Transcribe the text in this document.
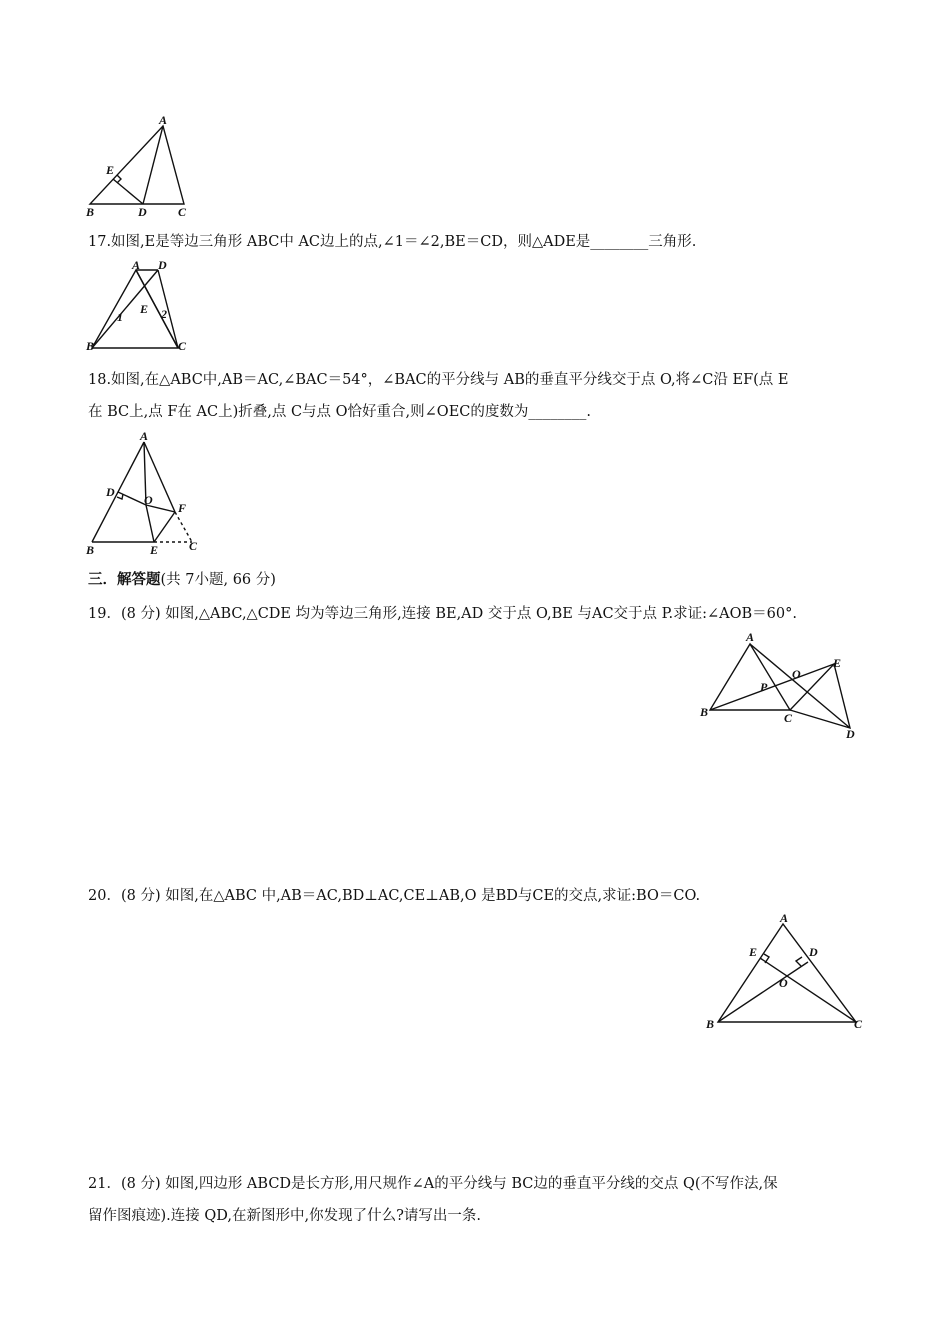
A
E
B	D	C
17.如图,E是等边三角形 ABC中 AC边上的点,∠1＝∠2,BE＝CD，则△ADE是________三角形.
A D
E
1	2
B	C
18.如图,在△ABC中,AB＝AC,∠BAC＝54°，∠BAC的平分线与 AB的垂直平分线交于点 O,将∠C沿 EF(点 E
在 BC上,点 F在 AC上)折叠,点 C与点 O恰好重合,则∠OEC的度数为________.
A
D
O
F
B	E	C
三．解答题(共 7小题, 66 分)
19．(8 分) 如图,△ABC,△CDE 均为等边三角形,连接 BE,AD 交于点 O,BE 与AC交于点 P.求证:∠AOB＝60°.
A
E
O
P
B	C
D
20．(8 分) 如图,在△ABC 中,AB＝AC,BD⊥AC,CE⊥AB,O 是BD与CE的交点,求证:BO＝CO.
A
E	D
O
B	C
21．(8 分) 如图,四边形 ABCD是长方形,用尺规作∠A的平分线与 BC边的垂直平分线的交点 Q(不写作法,保
留作图痕迹).连接 QD,在新图形中,你发现了什么?请写出一条.
